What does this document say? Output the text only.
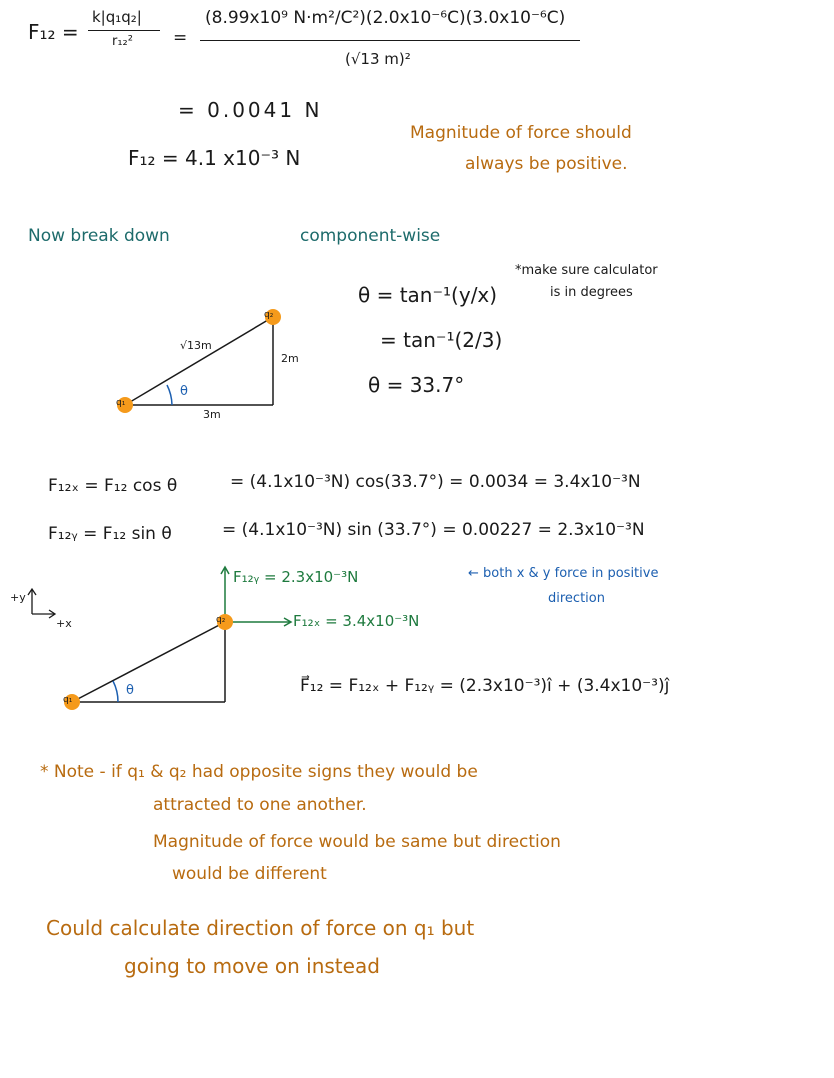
F₁₂ =
k|q₁q₂|
r₁₂² =
(8.99x10⁹ N·m²/C²)(2.0x10⁻⁶C)(3.0x10⁻⁶C)
(√13 m)²
= 0.0041 N
F₁₂ = 4.1 x10⁻³ N
Magnitude of force should
always be positive.
Now break down	component-wise
q₁
q₂
√13m
3m
2m
θ
θ = tan⁻¹(y/x)
= tan⁻¹(2/3)
θ = 33.7°
*make sure calculator
is in degrees
F₁₂ₓ = F₁₂ cos θ	= (4.1x10⁻³N) cos(33.7°) = 0.0034 = 3.4x10⁻³N
F₁₂ᵧ = F₁₂ sin θ	= (4.1x10⁻³N) sin (33.7°) = 0.00227 = 2.3x10⁻³N
+y
+x
q₁
q₂
θ
F₁₂ᵧ = 2.3x10⁻³N
F₁₂ₓ = 3.4x10⁻³N
← both x & y force in positive
direction
F⃗₁₂ = F₁₂ₓ + F₁₂ᵧ = (2.3x10⁻³)î + (3.4x10⁻³)ĵ
* Note - if q₁ & q₂ had opposite signs they would be
attracted to one another.
Magnitude of force would be same but direction
would be different
Could calculate direction of force on q₁ but
going to move on instead
